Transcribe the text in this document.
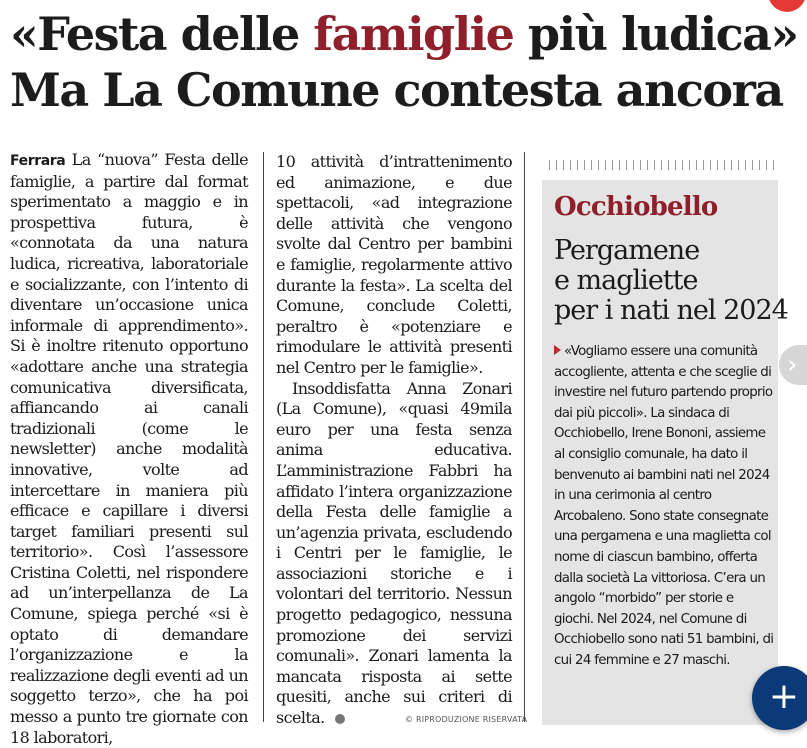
«Festa delle famiglie più ludica»
Ma La Comune contesta ancora

Ferrara La “nuova” Festa delle famiglie, a partire dal format sperimentato a maggio e in prospettiva futura, è «connotata da una natura ludica, ricreativa, laboratoriale e socializzante, con l’intento di diventare un’occasione unica informale di apprendimento». Si è inoltre ritenuto opportuno «adottare anche una strategia comunicativa diversificata, affiancando ai canali tradizionali (come le newsletter) anche modalità innovative, volte ad intercettare in maniera più efficace e capillare i diversi target familiari presenti sul territorio». Così l’assessore Cristina Coletti, nel rispondere ad un’interpellanza de La Comune, spiega perché «si è optato di demandare l’organizzazione e la realizzazione degli eventi ad un soggetto terzo», che ha poi messo a punto tre giornate con 18 laboratori,

10 attività d’intrattenimento ed animazione, e due spettacoli, «ad integrazione delle attività che vengono svolte dal Centro per bambini e famiglie, regolarmente attivo durante la festa». La scelta del Comune, conclude Coletti, peraltro è «potenziare e rimodulare le attività presenti nel Centro per le famiglie».

Insoddisfatta Anna Zonari (La Comune), «quasi 49mila euro per una festa senza anima educativa. L’amministrazione Fabbri ha affidato l’intera organizzazione della Festa delle famiglie a un’agenzia privata, escludendo i Centri per le famiglie, le associazioni storiche e i volontari del territorio. Nessun progetto pedagogico, nessuna promozione dei servizi comunali». Zonari lamenta la mancata risposta ai sette quesiti, anche sui criteri di scelta.	© RIPRODUZIONE RISERVATA
Occhiobello
Pergamene
e magliette
per i nati nel 2024

«Vogliamo essere una comunità accogliente, attenta e che sceglie di investire nel futuro partendo proprio dai più piccoli». La sindaca di Occhiobello, Irene Bononi, assieme al consiglio comunale, ha dato il benvenuto ai bambini nati nel 2024 in una cerimonia al centro Arcobaleno. Sono state consegnate una pergamena e una maglietta col nome di ciascun bambino, offerta dalla società La vittoriosa. C’era un angolo “morbido” per storie e giochi. Nel 2024, nel Comune di Occhiobello sono nati 51 bambini, di cui 24 femmine e 27 maschi.

›
+
